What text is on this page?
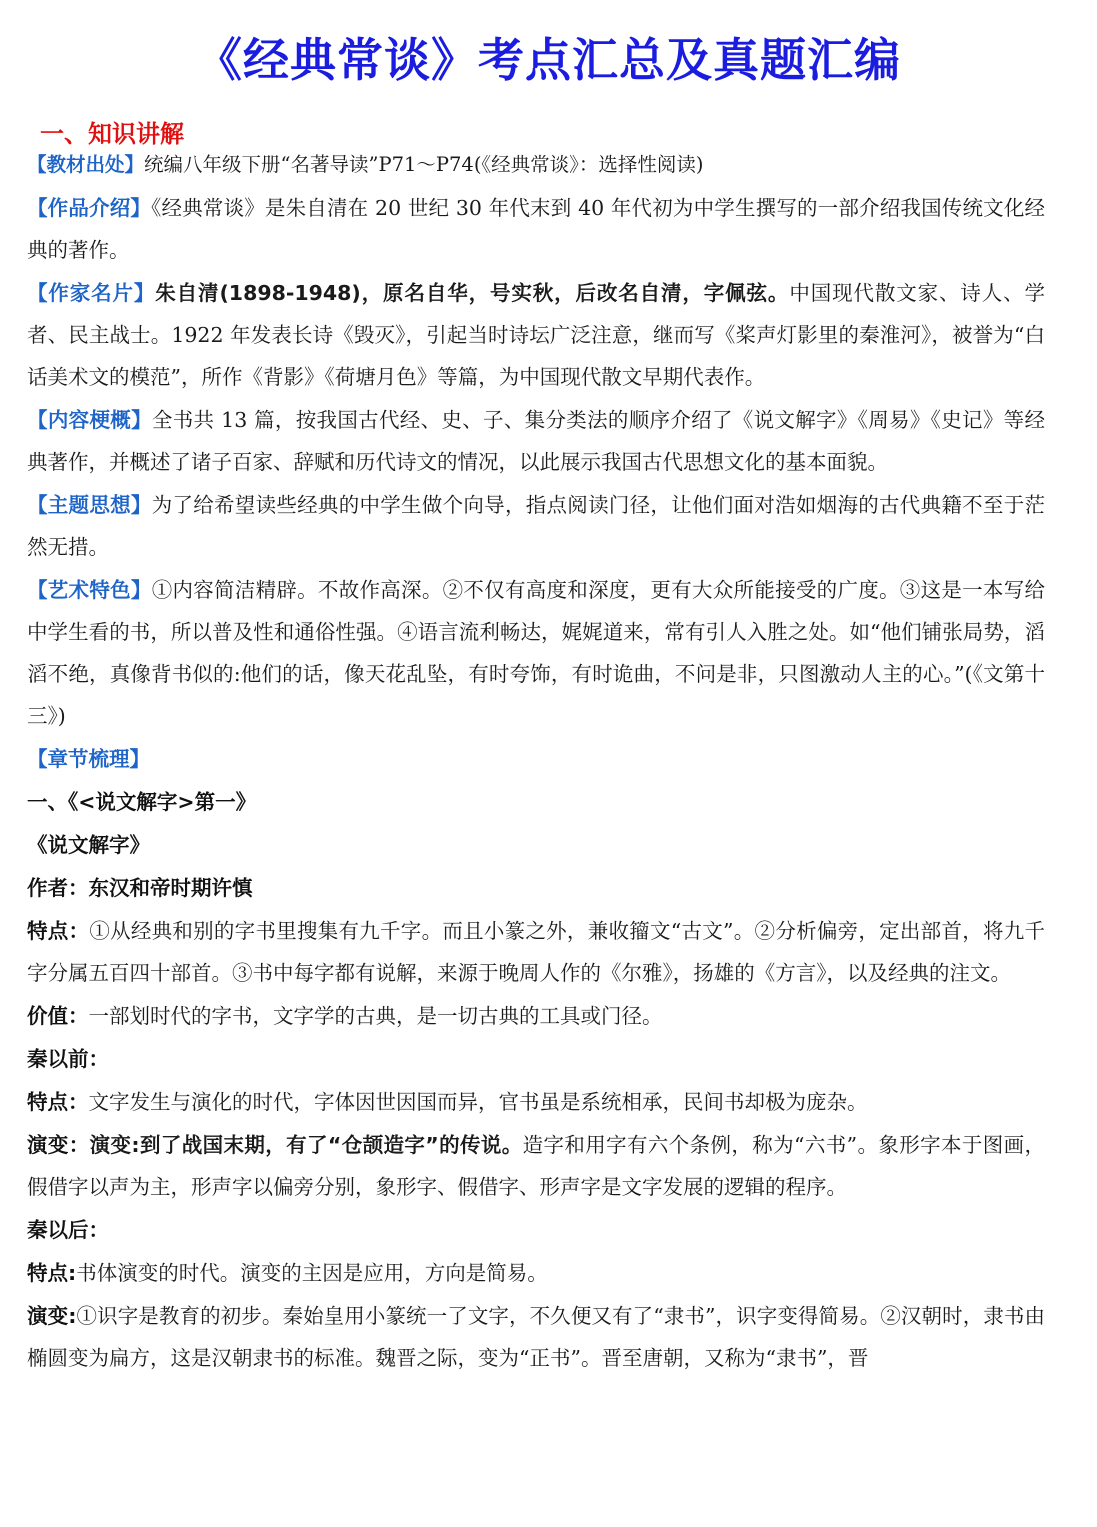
《经典常谈》考点汇总及真题汇编
一、知识讲解

【教材出处】统编八年级下册“名著导读”P71～P74(《经典常谈》：选择性阅读)

【作品介绍】《经典常谈》是朱自清在 20 世纪 30 年代末到 40 年代初为中学生撰写的一部介绍我国传统文化经典的著作。

【作家名片】朱自清(1898-1948)，原名自华，号实秋，后改名自清，字佩弦。中国现代散文家、诗人、学者、民主战士。1922 年发表长诗《毁灭》，引起当时诗坛广泛注意，继而写《桨声灯影里的秦淮河》，被誉为“白话美术文的模范”，所作《背影》《荷塘月色》等篇，为中国现代散文早期代表作。

【内容梗概】全书共 13 篇，按我国古代经、史、子、集分类法的顺序介绍了《说文解字》《周易》《史记》等经典著作，并概述了诸子百家、辞赋和历代诗文的情况，以此展示我国古代思想文化的基本面貌。

【主题思想】为了给希望读些经典的中学生做个向导，指点阅读门径，让他们面对浩如烟海的古代典籍不至于茫然无措。

【艺术特色】①内容简洁精辟。不故作高深。②不仅有高度和深度，更有大众所能接受的广度。③这是一本写给中学生看的书，所以普及性和通俗性强。④语言流利畅达，娓娓道来，常有引人入胜之处。如“他们铺张局势，滔滔不绝，真像背书似的:他们的话，像天花乱坠，有时夸饰，有时诡曲，不问是非，只图激动人主的心。”(《文第十三》)

【章节梳理】

一、《<说文解字>第一》

《说文解字》

作者：东汉和帝时期许慎

特点：①从经典和别的字书里搜集有九千字。而且小篆之外，兼收籀文“古文”。②分析偏旁，定出部首，将九千字分属五百四十部首。③书中每字都有说解，来源于晚周人作的《尔雅》，扬雄的《方言》，以及经典的注文。

价值：一部划时代的字书，文字学的古典，是一切古典的工具或门径。

秦以前：

特点：文字发生与演化的时代，字体因世因国而异，官书虽是系统相承，民间书却极为庞杂。

演变：演变:到了战国末期，有了“仓颉造字”的传说。造字和用字有六个条例，称为“六书”。象形字本于图画，假借字以声为主，形声字以偏旁分别，象形字、假借字、形声字是文字发展的逻辑的程序。

秦以后：

特点:书体演变的时代。演变的主因是应用，方向是简易。

演变:①识字是教育的初步。秦始皇用小篆统一了文字，不久便又有了“隶书”，识字变得简易。②汉朝时，隶书由椭圆变为扁方，这是汉朝隶书的标准。魏晋之际，变为“正书”。晋至唐朝，又称为“隶书”，晋
